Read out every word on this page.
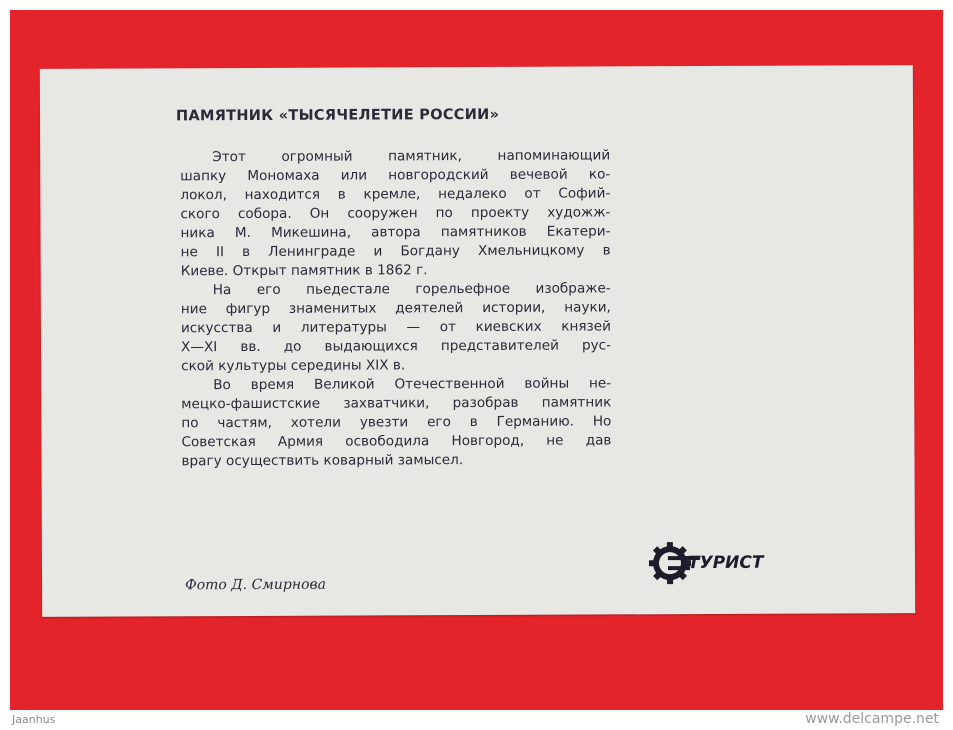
ПАМЯТНИК «ТЫСЯЧЕЛЕТИЕ РОССИИ»
Этот огромный памятник, напоминающий
шапку Мономаха или новгородский вечевой ко-
локол, находится в кремле, недалеко от Софий-
ского собора. Он сооружен по проекту художж-
ника М. Микешина, автора памятников Екатери-
не II в Ленинграде и Богдану Хмельницкому в
Киеве. Открыт памятник в 1862 г.
На его пьедестале горельефное изображе-
ние фигур знаменитых деятелей истории, науки,
искусства и литературы — от киевских князей
X—XI вв. до выдающихся представителей рус-
ской культуры середины XIX в.
Во время Великой Отечественной войны не-
мецко-фашистские захватчики, разобрав памятник
по частям, хотели увезти его в Германию. Но
Советская Армия освободила Новгород, не дав
врагу осуществить коварный замысел.
Фото Д. Смирнова
ТУРИСТ
Jaanhus	www.delcampe.net
